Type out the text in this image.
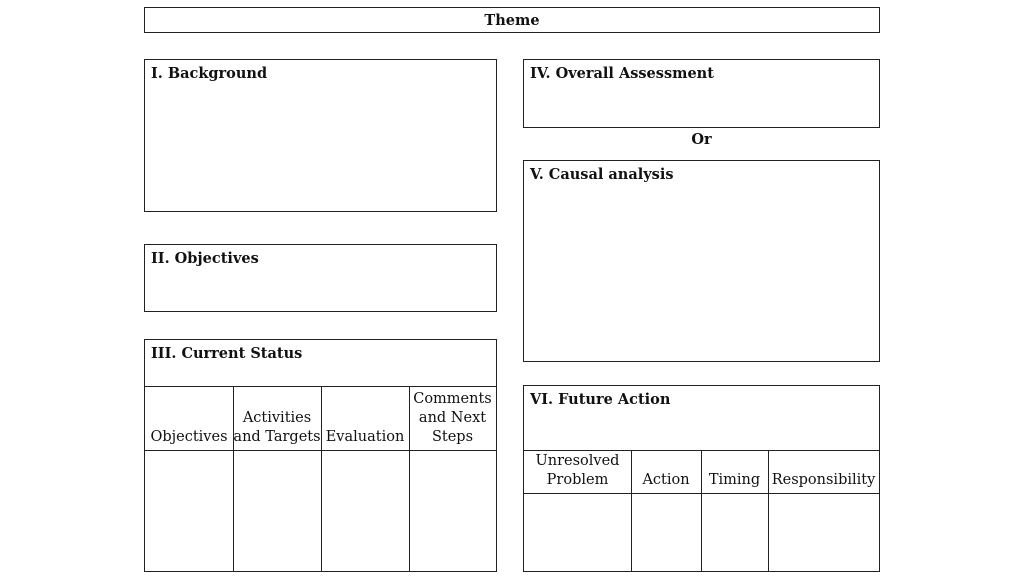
Theme
I. Background
II. Objectives
III. Current Status
Objectives
Activities and Targets Evaluation
Comments and Next Steps
IV. Overall Assessment
Or
V. Causal analysis
VI. Future Action
Unresolved Problem	Action	Timing Responsibility
